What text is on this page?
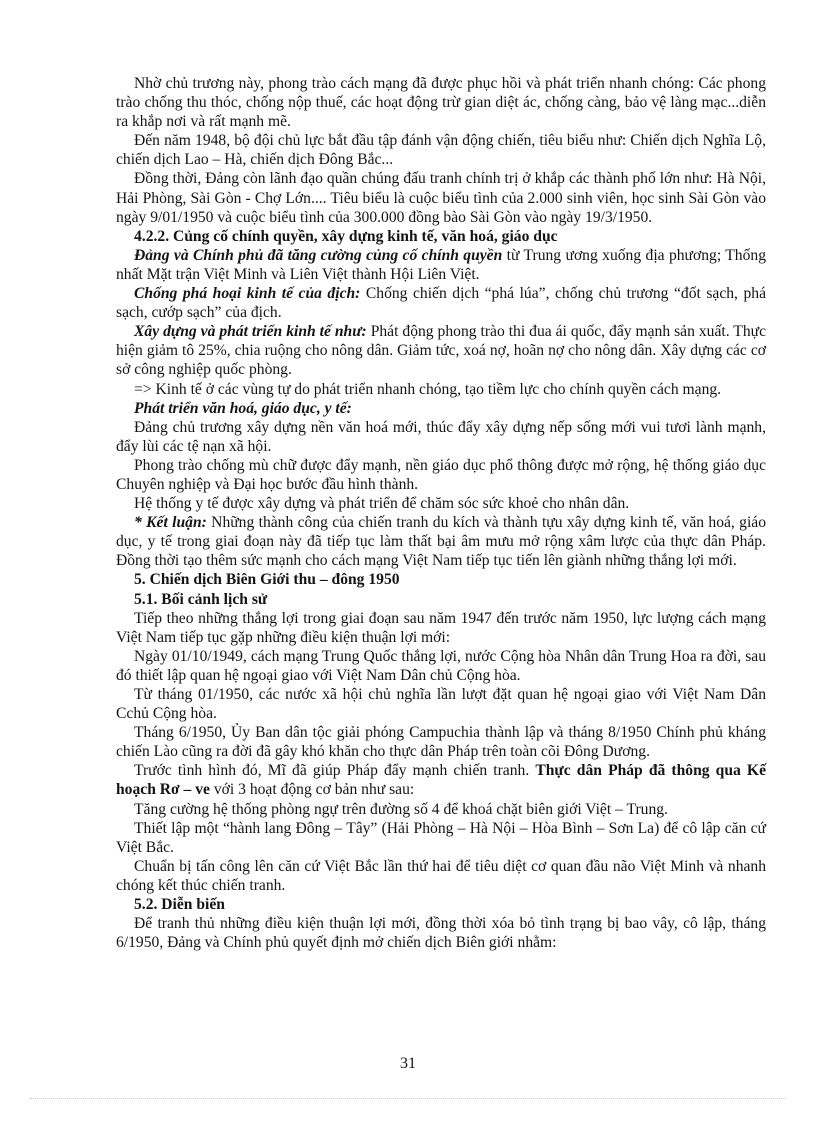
Nhờ chủ trương này, phong trào cách mạng đã được phục hồi và phát triển nhanh chóng: Các phong trào chống thu thóc, chống nộp thuế, các hoạt động trừ gian diệt ác, chống càng, bảo vệ làng mạc...diễn ra khắp nơi và rất mạnh mẽ.

Đến năm 1948, bộ đội chủ lực bắt đầu tập đánh vận động chiến, tiêu biểu như: Chiến dịch Nghĩa Lộ, chiến dịch Lao – Hà, chiến dịch Đông Bắc...

Đồng thời, Đảng còn lãnh đạo quần chúng đấu tranh chính trị ở khắp các thành phố lớn như: Hà Nội, Hải Phòng, Sài Gòn - Chợ Lớn.... Tiêu biểu là cuộc biểu tình của 2.000 sinh viên, học sinh Sài Gòn vào ngày 9/01/1950 và cuộc biểu tình của 300.000 đồng bào Sài Gòn vào ngày 19/3/1950.

4.2.2. Củng cố chính quyền, xây dựng kinh tế, văn hoá, giáo dục

Đảng và Chính phủ đã tăng cường củng cố chính quyền từ Trung ương xuống địa phương; Thống nhất Mặt trận Việt Minh và Liên Việt thành Hội Liên Việt.

Chống phá hoại kinh tế của địch: Chống chiến dịch “phá lúa”, chống chủ trương “đốt sạch, phá sạch, cướp sạch” của địch.

Xây dựng và phát triển kinh tế như: Phát động phong trào thi đua ái quốc, đẩy mạnh sản xuất. Thực hiện giảm tô 25%, chia ruộng cho nông dân. Giảm tức, xoá nợ, hoãn nợ cho nông dân. Xây dựng các cơ sở công nghiệp quốc phòng.

=> Kinh tế ở các vùng tự do phát triển nhanh chóng, tạo tiềm lực cho chính quyền cách mạng.

Phát triển văn hoá, giáo dục, y tế:

Đảng chủ trương xây dựng nền văn hoá mới, thúc đẩy xây dựng nếp sống mới vui tươi lành mạnh, đẩy lùi các tệ nạn xã hội.

Phong trào chống mù chữ được đẩy mạnh, nền giáo dục phổ thông được mở rộng, hệ thống giáo dục Chuyên nghiệp và Đại học bước đầu hình thành.

Hệ thống y tế được xây dựng và phát triển để chăm sóc sức khoẻ cho nhân dân.

* Kết luận: Những thành công của chiến tranh du kích và thành tựu xây dựng kinh tế, văn hoá, giáo dục, y tế trong giai đoạn này đã tiếp tục làm thất bại âm mưu mở rộng xâm lược của thực dân Pháp. Đồng thời tạo thêm sức mạnh cho cách mạng Việt Nam tiếp tục tiến lên giành những thắng lợi mới.

5. Chiến dịch Biên Giới thu – đông 1950
5.1. Bối cảnh lịch sử

Tiếp theo những thắng lợi trong giai đoạn sau năm 1947 đến trước năm 1950, lực lượng cách mạng Việt Nam tiếp tục gặp những điều kiện thuận lợi mới:

Ngày 01/10/1949, cách mạng Trung Quốc thắng lợi, nước Cộng hòa Nhân dân Trung Hoa ra đời, sau đó thiết lập quan hệ ngoại giao với Việt Nam Dân chủ Cộng hòa.

Từ tháng 01/1950, các nước xã hội chủ nghĩa lần lượt đặt quan hệ ngoại giao với Việt Nam Dân Cchủ Cộng hòa.

Tháng 6/1950, Ủy Ban dân tộc giải phóng Campuchia thành lập và tháng 8/1950 Chính phủ kháng chiến Lào cũng ra đời đã gây khó khăn cho thực dân Pháp trên toàn cõi Đông Dương.

Trước tình hình đó, Mĩ đã giúp Pháp đẩy mạnh chiến tranh. Thực dân Pháp đã thông qua Kế hoạch Rơ – ve với 3 hoạt động cơ bản như sau:

Tăng cường hệ thống phòng ngự trên đường số 4 để khoá chặt biên giới Việt – Trung.

Thiết lập một “hành lang Đông – Tây” (Hải Phòng – Hà Nội – Hòa Bình – Sơn La) để cô lập căn cứ Việt Bắc.

Chuẩn bị tấn công lên căn cứ Việt Bắc lần thứ hai để tiêu diệt cơ quan đầu não Việt Minh và nhanh chóng kết thúc chiến tranh.

5.2. Diễn biến

Để tranh thủ những điều kiện thuận lợi mới, đồng thời xóa bỏ tình trạng bị bao vây, cô lập, tháng 6/1950, Đảng và Chính phủ quyết định mở chiến dịch Biên giới nhằm:

31
